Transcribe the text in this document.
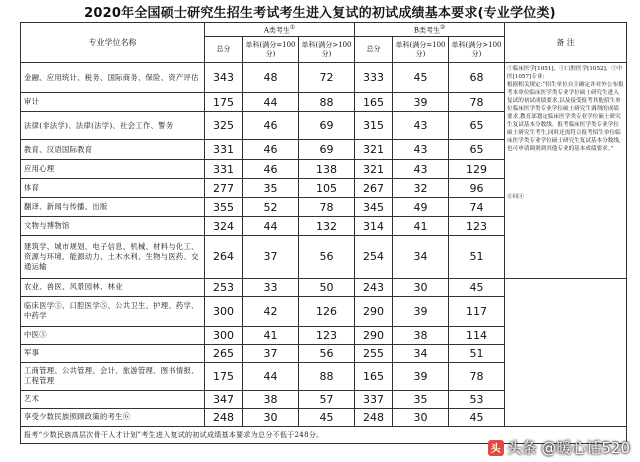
2020年全国硕士研究生招生考试考生进入复试的初试成绩基本要求(专业学位类)
专业学位名称	A类考生①			B类考生②			备 注
	总分	单科(满分=100分)	单科(满分>100分)	总分	单科(满分=100分)	单科(满分>100分)	
金融、应用统计、税务、国际商务、保险、资产评估	343	48	72	333	45	68	⑤临床医学[1051]、⑤口腔医学[1052]、⑤中医[1057]专业:

根据相关规定:“招生单位自主确定并对外公布报考本单位临床医学类专业学位硕士研究生进入复试的初试成绩要求,以及接受报考其他招生单位临床医学类专业学位硕士研究生调剂的成绩要求,教育部划定临床医学类专业学位硕士研究生复试基本分数线。报考临床医学类专业学位硕士研究生考生,同时还需符合报考招生单位临床医学类专业学位硕士研究生复试基本分数线,也可申请调剂到其他专业的基本成绩要求。”

⑥同④

审计	175	44	88	165	39	78	
法律(非法学)、法律(法学)、社会工作、警务	325	46	69	315	43	65	
教育、汉语国际教育	331	46	69	321	43	65	
应用心理	331	46	138	321	43	129	
体育	277	35	105	267	32	96	
翻译、新闻与传播、出版	355	52	78	345	49	74	
文物与博物馆	324	44	132	314	41	123	
建筑学、城市规划、电子信息、机械、材料与化工、资源与环境、能源动力、土木水利、生物与医药、交通运输	264	37	56	254	34	51	
农业、兽医、风景园林、林业	253	33	50	243	30	45	
临床医学⑤、口腔医学⑤、公共卫生、护理、药学、中药学	300	42	126	290	39	117	
中医⑤	300	41	123	290	38	114	
军事	265	37	56	255	34	51	
工商管理、公共管理、会计、旅游管理、图书情报、工程管理	175	44	88	165	39	78	
艺术	347	38	57	337	35	53	
享受少数民族照顾政策的考生⑥	248	30	45	248	30	45	
报考“少数民族高层次骨干人才计划”考生进入复试的初试成绩基本要求为总分不低于248分。							
头 头条 @暖心话520
